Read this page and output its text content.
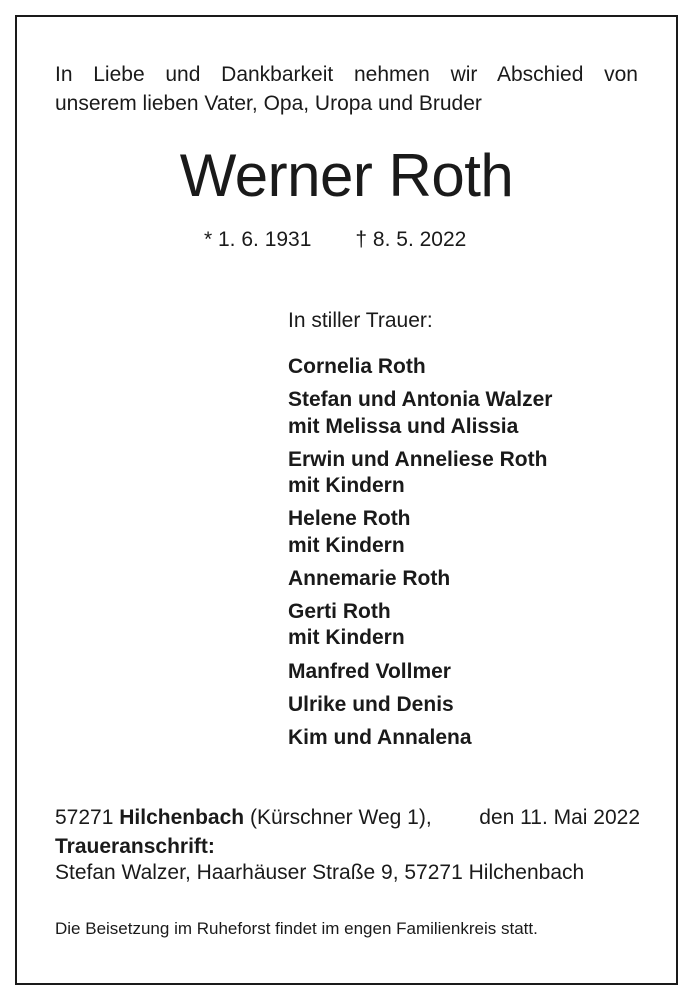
In Liebe und Dankbarkeit nehmen wir Abschied von
unserem lieben Vater, Opa, Uropa und Bruder
Werner Roth
* 1. 6. 1931 † 8. 5. 2022
In stiller Trauer:
Cornelia Roth
Stefan und Antonia Walzer
mit Melissa und Alissia
Erwin und Anneliese Roth
mit Kindern
Helene Roth
mit Kindern
Annemarie Roth
Gerti Roth
mit Kindern
Manfred Vollmer
Ulrike und Denis
Kim und Annalena
57271 Hilchenbach (Kürschner Weg 1), den 11. Mai 2022
Traueranschrift:
Stefan Walzer, Haarhäuser Straße 9, 57271 Hilchenbach
Die Beisetzung im Ruheforst findet im engen Familienkreis statt.
